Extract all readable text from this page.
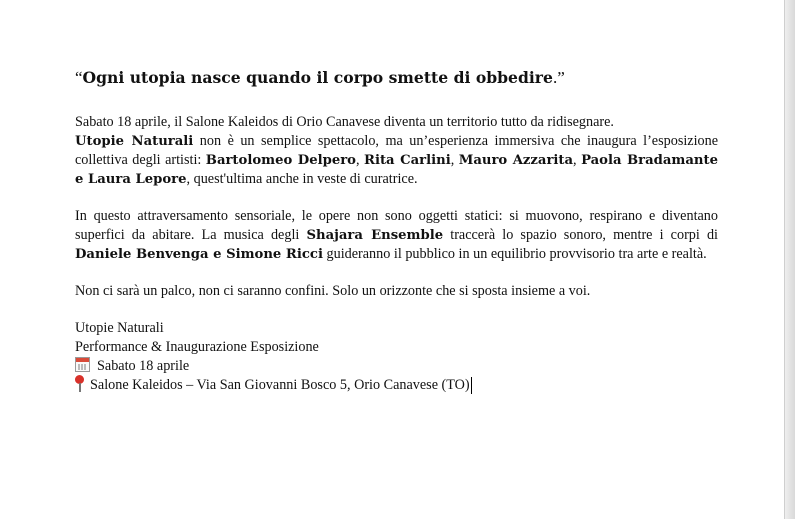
“Ogni utopia nasce quando il corpo smette di obbedire.”

Sabato 18 aprile, il Salone Kaleidos di Orio Canavese diventa un territorio tutto da ridisegnare.
Utopie Naturali non è un semplice spettacolo, ma un’esperienza immersiva che inaugura l’esposizione collettiva degli artisti: Bartolomeo Delpero, Rita Carlini, Mauro Azzarita, Paola Bradamante e Laura Lepore, quest'ultima anche in veste di curatrice.

In questo attraversamento sensoriale, le opere non sono oggetti statici: si muovono, respirano e diventano superfici da abitare. La musica degli Shajara Ensemble traccerà lo spazio sonoro, mentre i corpi di Daniele Benvenga e Simone Ricci guideranno il pubblico in un equilibrio provvisorio tra arte e realtà.

Non ci sarà un palco, non ci saranno confini. Solo un orizzonte che si sposta insieme a voi.

Utopie Naturali
Performance & Inaugurazione Esposizione
Sabato 18 aprile
Salone Kaleidos – Via San Giovanni Bosco 5, Orio Canavese (TO)
